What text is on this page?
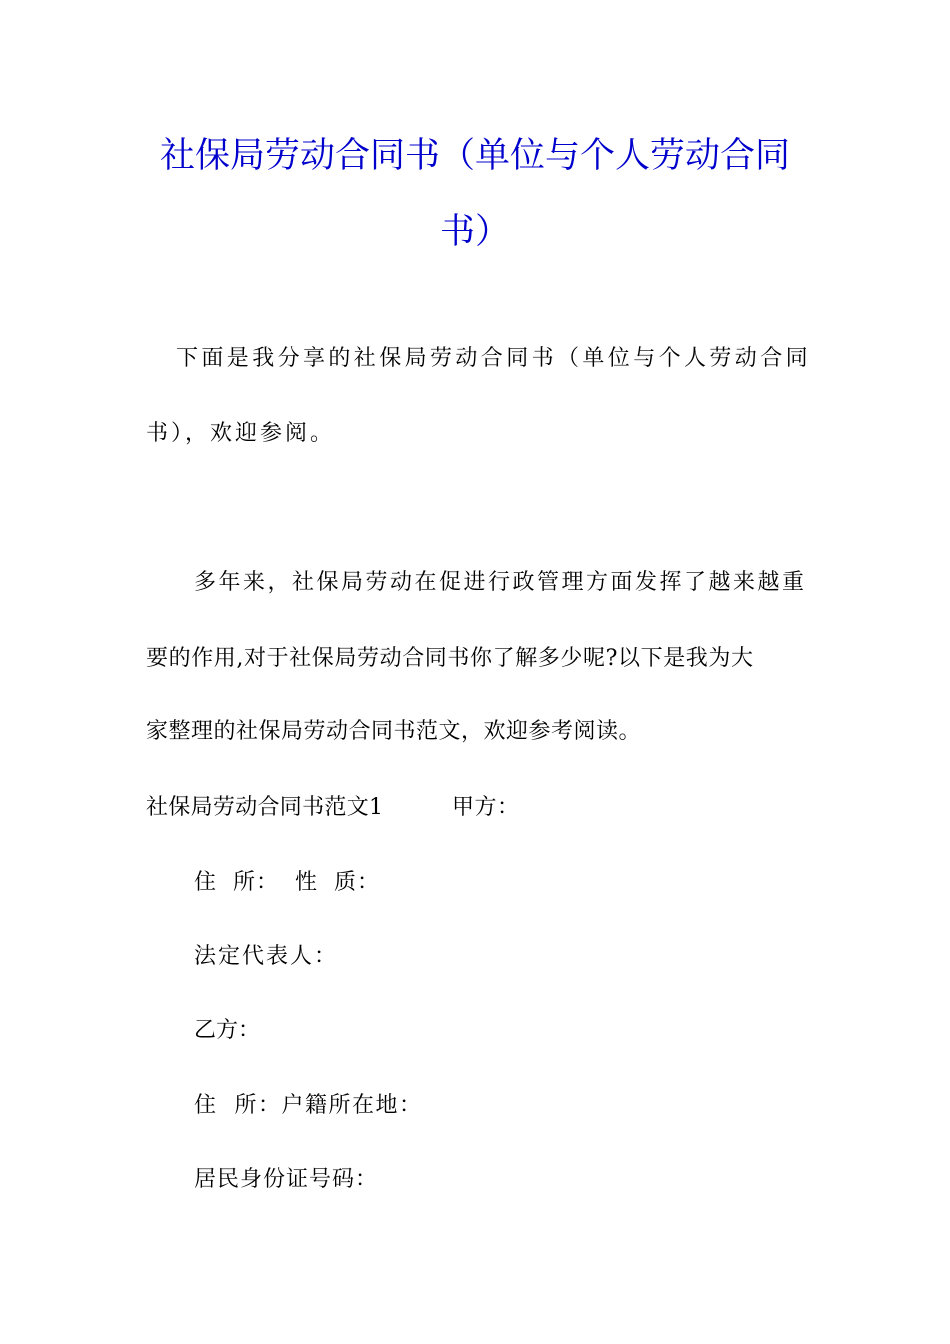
社保局劳动合同书（单位与个人劳动合同
书）
下面是我分享的社保局劳动合同书（单位与个人劳动合同
书），欢迎参阅。
多年来，社保局劳动在促进行政管理方面发挥了越来越重
要的作用,对于社保局劳动合同书你了解多少呢?以下是我为大
家整理的社保局劳动合同书范文，欢迎参考阅读。
社保局劳动合同书范文1	甲方：
住  所：  性  质：
法定代表人：
乙方：
住  所：户籍所在地：
居民身份证号码：
